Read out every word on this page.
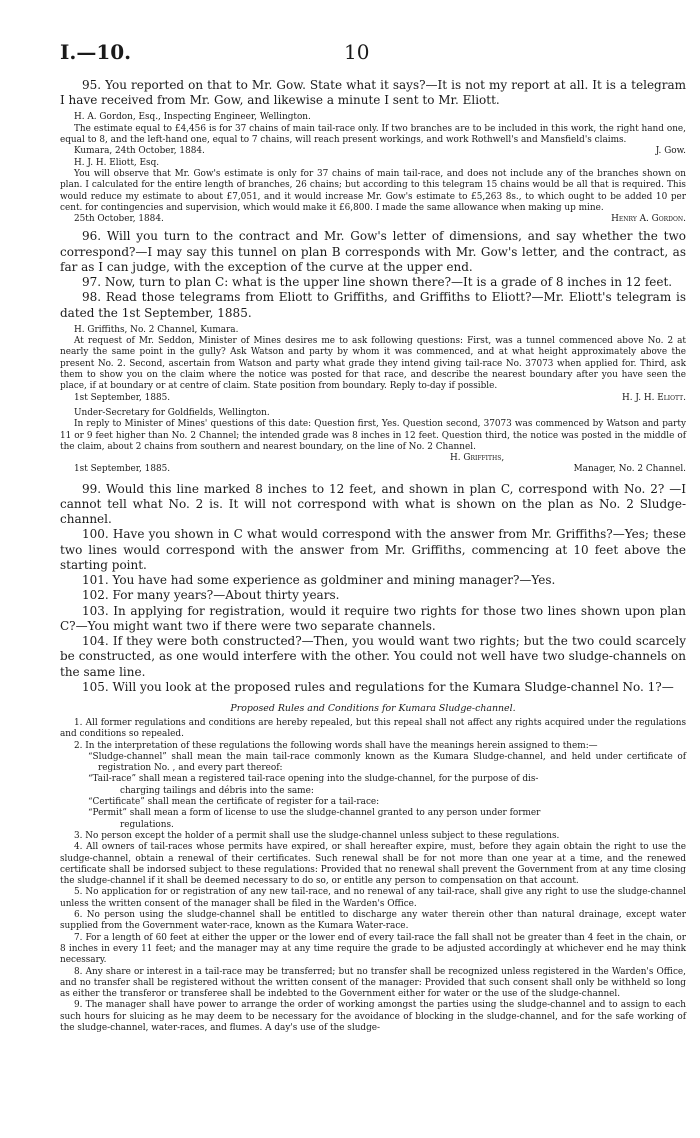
I.—10.	10

95. You reported on that to Mr. Gow. State what it says?—It is not my report at all. It is a telegram I have received from Mr. Gow, and likewise a minute I sent to Mr. Eliott.

H. A. Gordon, Esq., Inspecting Engineer, Wellington.

The estimate equal to £4,456 is for 37 chains of main tail-race only. If two branches are to be included in this work, the right hand one, equal to 8, and the left-hand one, equal to 7 chains, will reach present workings, and work Rothwell's and Mansfield's claims.

Kumara, 24th October, 1884.	J. Gow.

H. J. H. Eliott, Esq.

You will observe that Mr. Gow's estimate is only for 37 chains of main tail-race, and does not include any of the branches shown on plan. I calculated for the entire length of branches, 26 chains; but according to this telegram 15 chains would be all that is required. This would reduce my estimate to about £7,051, and it would increase Mr. Gow's estimate to £5,263 8s., to which ought to be added 10 per cent. for contingencies and supervision, which would make it £6,800. I made the same allowance when making up mine.

25th October, 1884.	Henry A. Gordon.

96. Will you turn to the contract and Mr. Gow's letter of dimensions, and say whether the two correspond?—I may say this tunnel on plan B corresponds with Mr. Gow's letter, and the contract, as far as I can judge, with the exception of the curve at the upper end.

97. Now, turn to plan C: what is the upper line shown there?—It is a grade of 8 inches in 12 feet.

98. Read those telegrams from Eliott to Griffiths, and Griffiths to Eliott?—Mr. Eliott's telegram is dated the 1st September, 1885.

H. Griffiths, No. 2 Channel, Kumara.

At request of Mr. Seddon, Minister of Mines desires me to ask following questions: First, was a tunnel commenced above No. 2 at nearly the same point in the gully? Ask Watson and party by whom it was commenced, and at what height approximately above the present No. 2. Second, ascertain from Watson and party what grade they intend giving tail-race No. 37073 when applied for. Third, ask them to show you on the claim where the notice was posted for that race, and describe the nearest boundary after you have seen the place, if at boundary or at centre of claim. State position from boundary. Reply to-day if possible.

1st September, 1885.	H. J. H. Eliott.

Under-Secretary for Goldfields, Wellington.

In reply to Minister of Mines' questions of this date: Question first, Yes. Question second, 37073 was commenced by Watson and party 11 or 9 feet higher than No. 2 Channel; the intended grade was 8 inches in 12 feet. Question third, the notice was posted in the middle of the claim, about 2 chains from southern and nearest boundary, on the line of No. 2 Channel.

H. Griffiths,

1st September, 1885.	Manager, No. 2 Channel.

99. Would this line marked 8 inches to 12 feet, and shown in plan C, correspond with No. 2? —I cannot tell what No. 2 is. It will not correspond with what is shown on the plan as No. 2 Sludge-channel.

100. Have you shown in C what would correspond with the answer from Mr. Griffiths?—Yes; these two lines would correspond with the answer from Mr. Griffiths, commencing at 10 feet above the starting point.

101. You have had some experience as goldminer and mining manager?—Yes.

102. For many years?—About thirty years.

103. In applying for registration, would it require two rights for those two lines shown upon plan C?—You might want two if there were two separate channels.

104. If they were both constructed?—Then, you would want two rights; but the two could scarcely be constructed, as one would interfere with the other. You could not well have two sludge-channels on the same line.

105. Will you look at the proposed rules and regulations for the Kumara Sludge-channel No. 1?—

Proposed Rules and Conditions for Kumara Sludge-channel.

1. All former regulations and conditions are hereby repealed, but this repeal shall not affect any rights acquired under the regulations and conditions so repealed.

2. In the interpretation of these regulations the following words shall have the meanings herein assigned to them:—

“Sludge-channel” shall mean the main tail-race commonly known as the Kumara Sludge-channel, and held under certificate of registration No. , and every part thereof:

“Tail-race” shall mean a registered tail-race opening into the sludge-channel, for the purpose of dis-

charging tailings and débris into the same:

“Certificate” shall mean the certificate of register for a tail-race:

“Permit” shall mean a form of license to use the sludge-channel granted to any person under former

regulations.

3. No person except the holder of a permit shall use the sludge-channel unless subject to these regulations.

4. All owners of tail-races whose permits have expired, or shall hereafter expire, must, before they again obtain the right to use the sludge-channel, obtain a renewal of their certificates. Such renewal shall be for not more than one year at a time, and the renewed certificate shall be indorsed subject to these regulations: Provided that no renewal shall prevent the Government from at any time closing the sludge-channel if it shall be deemed necessary to do so, or entitle any person to compensation on that account.

5. No application for or registration of any new tail-race, and no renewal of any tail-race, shall give any right to use the sludge-channel unless the written consent of the manager shall be filed in the Warden's Office.

6. No person using the sludge-channel shall be entitled to discharge any water therein other than natural drainage, except water supplied from the Government water-race, known as the Kumara Water-race.

7. For a length of 60 feet at either the upper or the lower end of every tail-race the fall shall not be greater than 4 feet in the chain, or 8 inches in every 11 feet; and the manager may at any time require the grade to be adjusted accordingly at whichever end he may think necessary.

8. Any share or interest in a tail-race may be transferred; but no transfer shall be recognized unless registered in the Warden's Office, and no transfer shall be registered without the written consent of the manager: Provided that such consent shall only be withheld so long as either the transferor or transferee shall be indebted to the Government either for water or the use of the sludge-channel.

9. The manager shall have power to arrange the order of working amongst the parties using the sludge-channel and to assign to each such hours for sluicing as he may deem to be necessary for the avoidance of blocking in the sludge-channel, and for the safe working of the sludge-channel, water-races, and flumes. A day's use of the sludge-
